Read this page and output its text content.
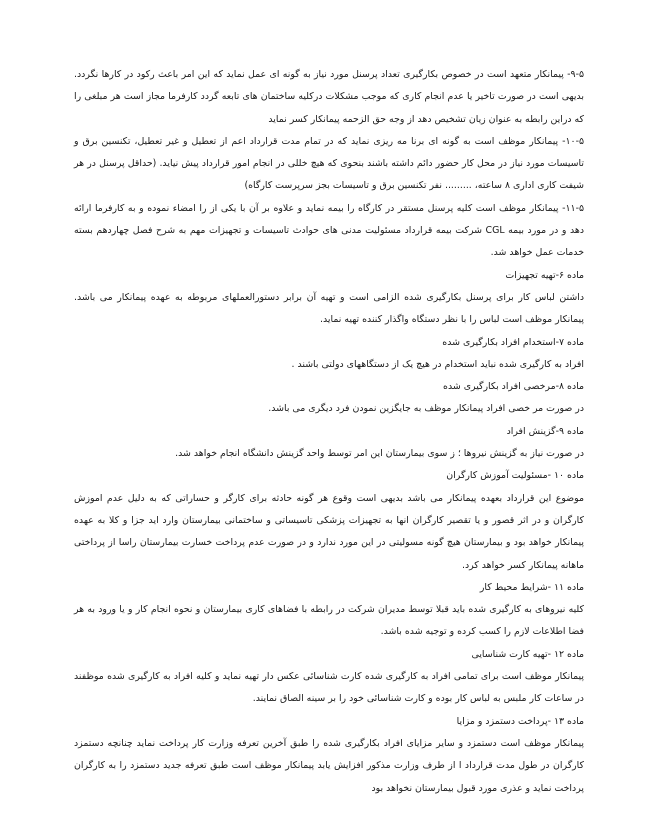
۹-۵- پیمانکار متعهد است در خصوص بکارگیری تعداد پرسنل مورد نیاز به گونه ای عمل نماید که این امر باعث رکود در کارها نگردد. بدیهی است در صورت تاخیر یا عدم انجام کاری که موجب مشکلات درکلیه ساختمان های تابعه گردد کارفرما مجاز است هر مبلغی را که دراین رابطه به عنوان زیان تشخیص دهد از وجه حق الزحمه پیمانکار کسر نماید

۱۰-۵- پیمانکار موظف است به گونه ای برنا مه ریزی نماید که در تمام مدت قرارداد اعم از تعطیل و غیر تعطیل، تکنسین برق و تاسیسات مورد نیاز در محل کار حضور دائم داشته باشند بنحوی که هیچ خللی در انجام امور قرارداد پیش نیاید. (حداقل پرسنل در هر شیفت کاری اداری ۸ ساعته، ......... نفر تکنسین برق و تاسیسات بجز سرپرست کارگاه)

۱۱-۵- پیمانکار موظف است کلیه پرسنل مستقر در کارگاه را بیمه نماید و علاوه بر آن با یکی از را امضاء نموده و به کارفرما ارائه دهد و در مورد بیمه CGL شرکت بیمه قرارداد مسئولیت مدنی های حوادث تاسیسات و تجهیزات مهم به شرح فصل چهاردهم بسته خدمات عمل خواهد شد.

ماده ۶-تهیه تجهیزات

داشتن لباس کار برای پرسنل بکارگیری شده الزامی است و تهیه آن برابر دستورالعملهای مربوطه به عهده پیمانکار می باشد. پیمانکار موظف است لباس را با نظر دستگاه واگذار کننده تهیه نماید.

ماده ۷-استخدام افراد بکارگیری شده

افراد به کارگیری شده نباید استخدام در هیچ یک از دستگاههای دولتی باشند .

ماده ۸-مرخصی افراد بکارگیری شده

در صورت مر خصی افراد پیمانکار موظف به جایگزین نمودن فرد دیگری می باشد.

ماده ۹-گزینش افراد

در صورت نیاز به گزینش نیروها ؛ ز سوی بیمارستان این امر توسط واحد گزینش دانشگاه انجام خواهد شد.

ماده ۱۰ -مسئولیت آموزش کارگران

موضوع این قرارداد بعهده پیمانکار می باشد بدیهی است وقوع هر گونه حادثه برای کارگر و حساراتی که به دلیل عدم اموزش کارگران و در اثر قصور و یا تقصیر کارگران انها به تجهیزات پزشکی تاسیساتی و ساختمانی بیمارستان وارد اید جزا و کلا به عهده پیمانکار خواهد بود و بیمارستان هیچ گونه مسولیتی در این مورد ندارد و در صورت عدم پرداخت خسارت بیمارستان راسا از پرداختی ماهانه پیمانکار کسر خواهد کرد.

ماده ۱۱ -شرایط محیط کار

کلیه نیروهای به کارگیری شده باید قبلا توسط مدیران شرکت در رابطه با فضاهای کاری بیمارستان و نحوه انجام کار و یا ورود به هر فضا اطلاعات لازم را کسب کرده و توجیه شده باشد.

ماده ۱۲ -تهیه کارت شناسایی

پیمانکار موظف است برای تمامی افراد به کارگیری شده کارت شناسائی عکس دار تهیه نماید و کلیه افراد به کارگیری شده موظفند در ساعات کار ملبس به لباس کار بوده و کارت شناسائی خود را بر سینه الصاق نمایند.

ماده ۱۳ -پرداخت دستمزد و مزایا

پیمانکار موظف است دستمزد و سایر مزایای افراد بکارگیری شده را طبق آخرین تعرفه وزارت کار پرداخت نماید چنانچه دستمزد کارگران در طول مدت قرارداد ا از طرف وزارت مذکور افزایش یابد پیمانکار موظف است طبق تعرفه جدید دستمزد را به کارگران پرداخت نماید و عذری مورد قبول بیمارستان نخواهد بود
